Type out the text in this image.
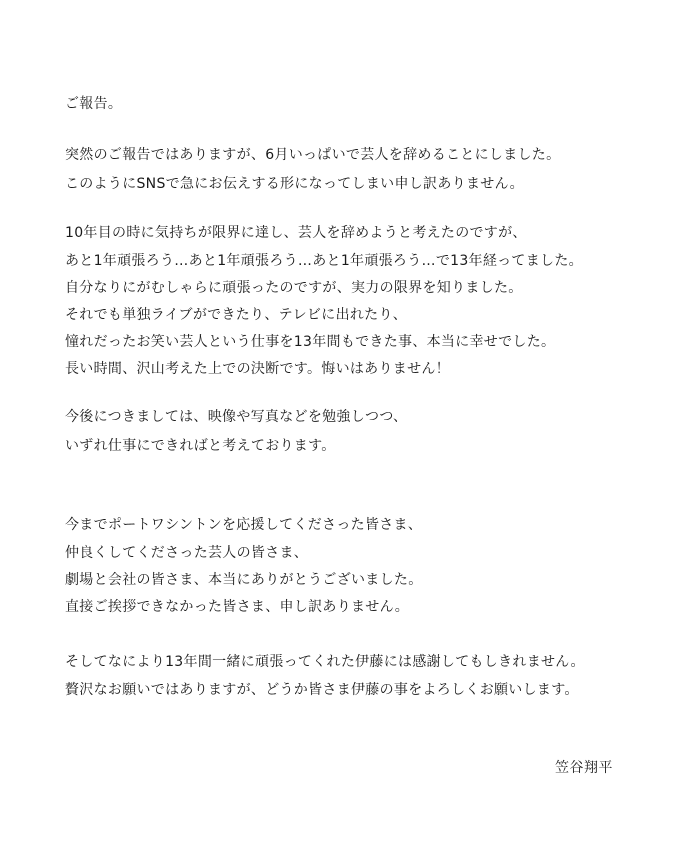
ご報告。
突然のご報告ではありますが、6月いっぱいで芸人を辞めることにしました。
このようにSNSで急にお伝えする形になってしまい申し訳ありません。
10年目の時に気持ちが限界に達し、芸人を辞めようと考えたのですが、
あと1年頑張ろう…あと1年頑張ろう…あと1年頑張ろう…で13年経ってました。
自分なりにがむしゃらに頑張ったのですが、実力の限界を知りました。
それでも単独ライブができたり、テレビに出れたり、
憧れだったお笑い芸人という仕事を13年間もできた事、本当に幸せでした。
長い時間、沢山考えた上での決断です。悔いはありません！
今後につきましては、映像や写真などを勉強しつつ、
いずれ仕事にできればと考えております。
今までポートワシントンを応援してくださった皆さま、
仲良くしてくださった芸人の皆さま、
劇場と会社の皆さま、本当にありがとうございました。
直接ご挨拶できなかった皆さま、申し訳ありません。
そしてなにより13年間一緒に頑張ってくれた伊藤には感謝してもしきれません。
贅沢なお願いではありますが、どうか皆さま伊藤の事をよろしくお願いします。
笠谷翔平
